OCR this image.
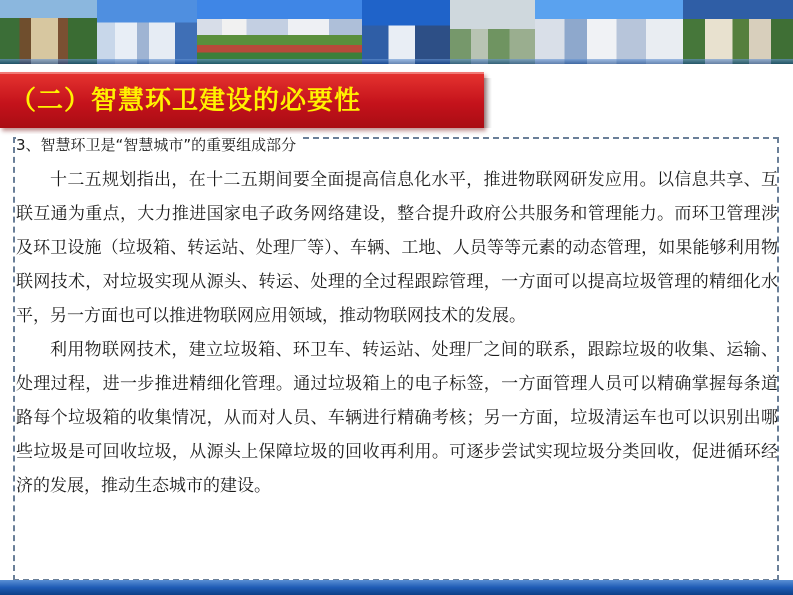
（二）智慧环卫建设的必要性
3、智慧环卫是“智慧城市”的重要组成部分

十二五规划指出，在十二五期间要全面提高信息化水平，推进物联网研发应用。以信息共享、互联互通为重点，大力推进国家电子政务网络建设，整合提升政府公共服务和管理能力。而环卫管理涉及环卫设施（垃圾箱、转运站、处理厂等）、车辆、工地、人员等等元素的动态管理，如果能够利用物联网技术，对垃圾实现从源头、转运、处理的全过程跟踪管理，一方面可以提高垃圾管理的精细化水平，另一方面也可以推进物联网应用领域，推动物联网技术的发展。

利用物联网技术，建立垃圾箱、环卫车、转运站、处理厂之间的联系，跟踪垃圾的收集、运输、处理过程，进一步推进精细化管理。通过垃圾箱上的电子标签，一方面管理人员可以精确掌握每条道路每个垃圾箱的收集情况，从而对人员、车辆进行精确考核；另一方面，垃圾清运车也可以识别出哪些垃圾是可回收垃圾，从源头上保障垃圾的回收再利用。可逐步尝试实现垃圾分类回收，促进循环经济的发展，推动生态城市的建设。
